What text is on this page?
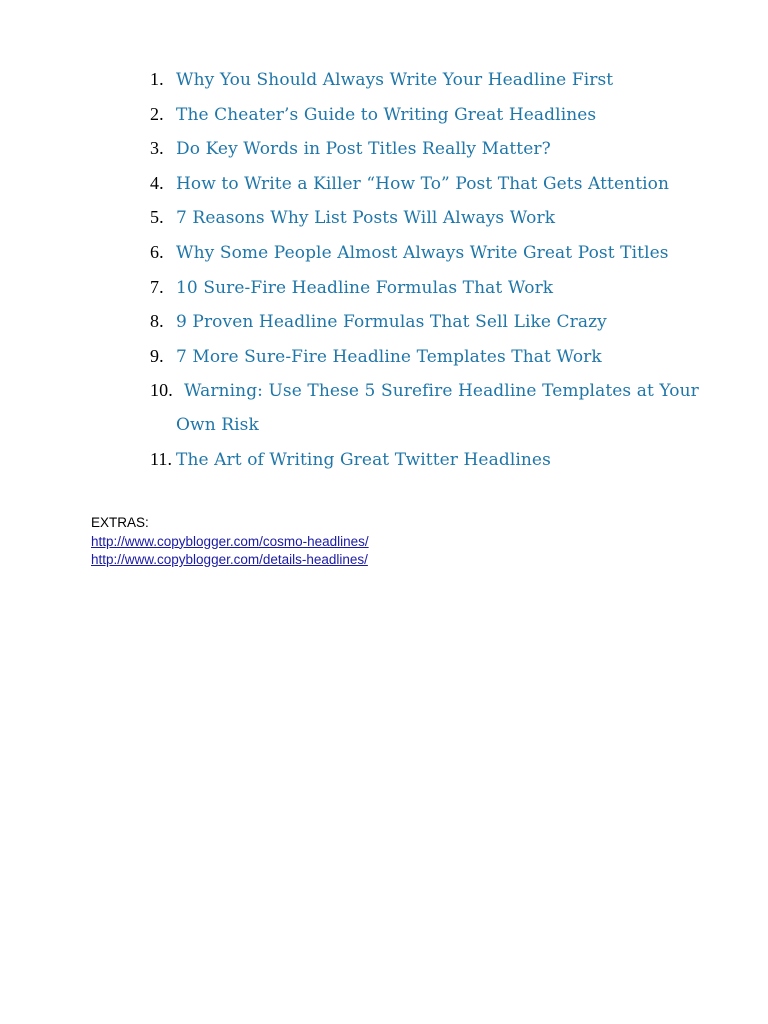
1. Why You Should Always Write Your Headline First
2. The Cheater’s Guide to Writing Great Headlines
3. Do Key Words in Post Titles Really Matter?
4. How to Write a Killer “How To” Post That Gets Attention
5. 7 Reasons Why List Posts Will Always Work
6. Why Some People Almost Always Write Great Post Titles
7. 10 Sure-Fire Headline Formulas That Work
8. 9 Proven Headline Formulas That Sell Like Crazy
9. 7 More Sure-Fire Headline Templates That Work
10. Warning: Use These 5 Surefire Headline Templates at Your Own Risk
11. The Art of Writing Great Twitter Headlines
EXTRAS:
http://www.copyblogger.com/cosmo-headlines/
http://www.copyblogger.com/details-headlines/
